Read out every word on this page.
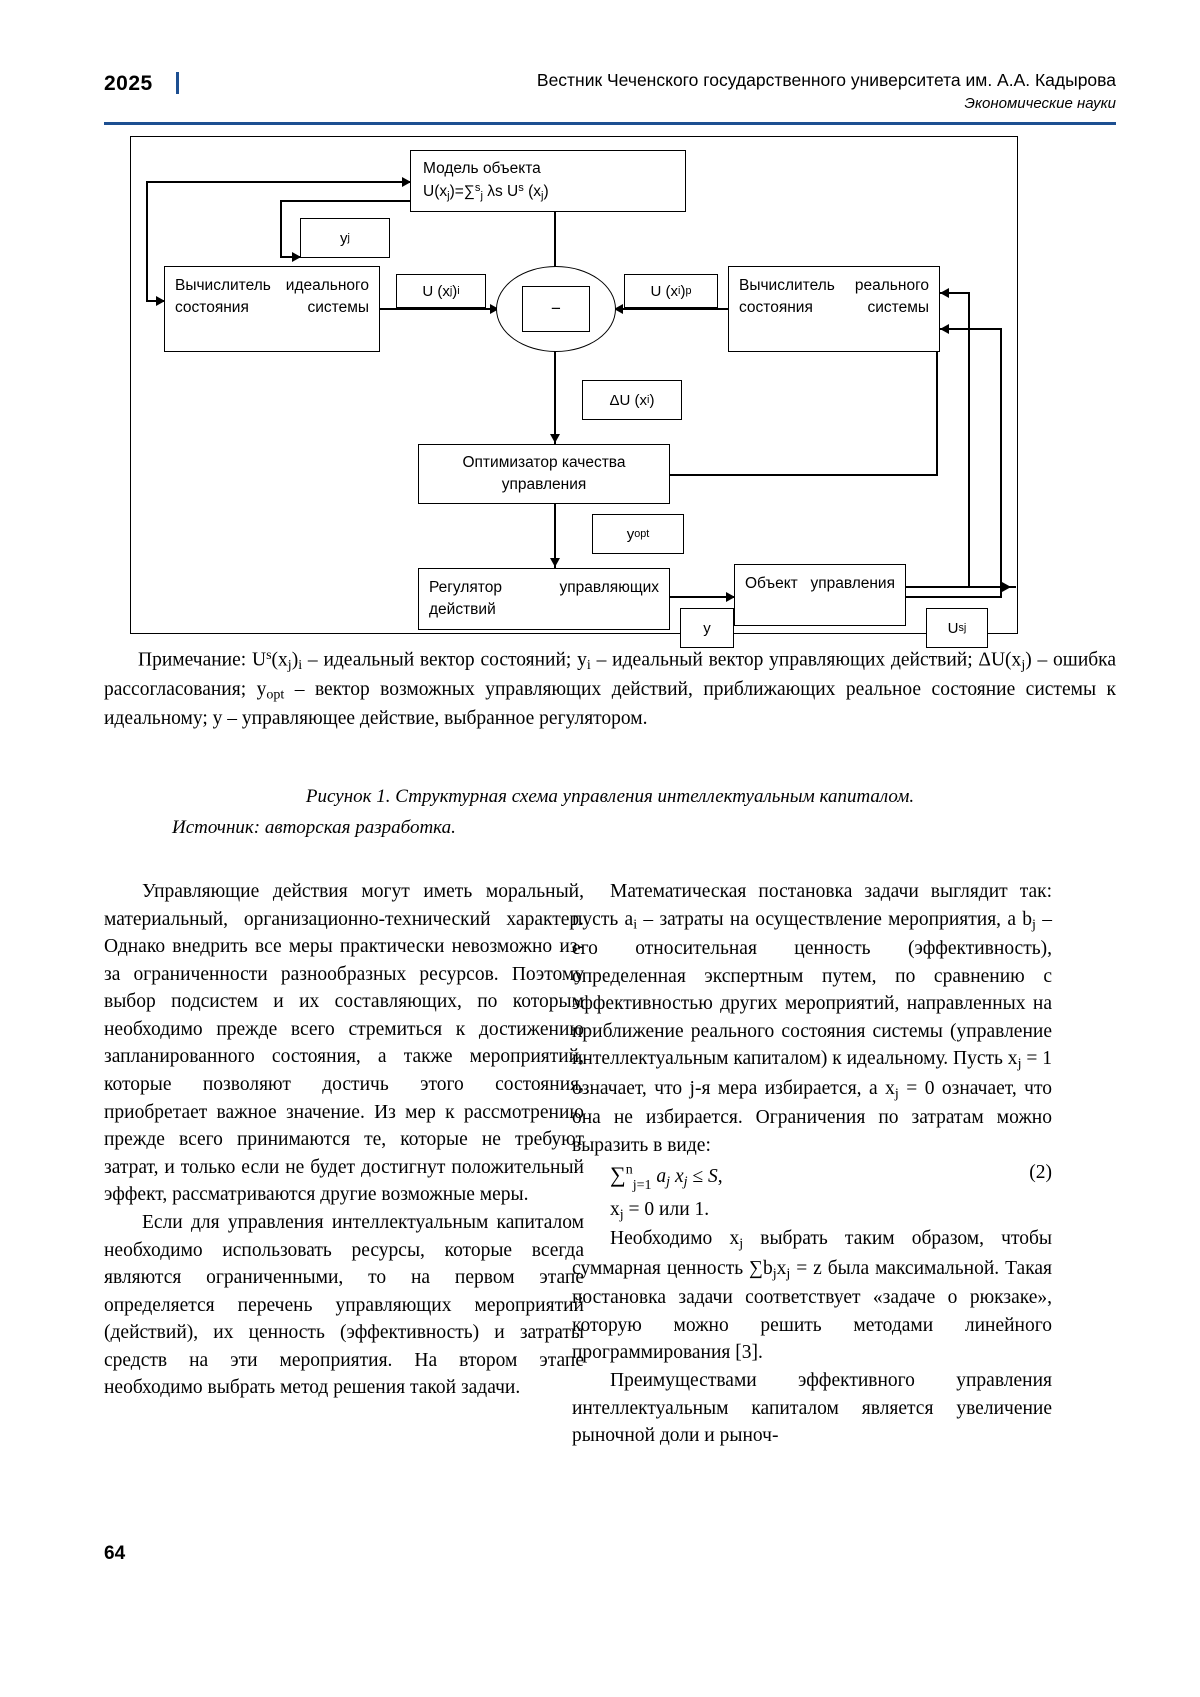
2025	Вестник Чеченского государственного университета им. А.А. Кадырова
Экономические науки
Модель объекта
$U(x_j)=\sum^s_j$ λs $U^s$ $(x_j)$
y j
Вычислитель идеального состояния системы
U (x j ) i
−
U (x i ) р	Вычислитель реального состояния системы
ΔU (x i )
Оптимизатор качества
управления
y opt
Регулятор управляющих действий
Объект управления
y	U s j
Примечание: $U^s(x_j)_i$ – идеальный вектор состояний; $y_i$ – идеальный вектор управляющих действий; $\Delta U(x_j)$ – ошибка рассогласования; $y_{opt}$ – вектор возможных управляющих действий, приближающих реальное состояние системы к идеальному; y – управляющее действие, выбранное регулятором.
Рисунок 1. Структурная схема управления интеллектуальным капиталом.
Источник: авторская разработка.

Управляющие действия могут иметь моральный, материальный, организационно-технический характер. Однако внедрить все меры практически невозможно из-за ограниченности разнообразных ресурсов. Поэтому выбор подсистем и их составляющих, по которым необходимо прежде всего стремиться к достижению запланированного состояния, а также мероприятий, которые позволяют достичь этого состояния, приобретает важное значение. Из мер к рассмотрению прежде всего принимаются те, которые не требуют затрат, и только если не будет достигнут положительный эффект, рассматриваются другие возможные меры.

Если для управления интеллектуальным капиталом необходимо использовать ресурсы, которые всегда являются ограниченными, то на первом этапе определяется перечень управляющих мероприятий (действий), их ценность (эффективность) и затраты средств на эти мероприятия. На втором этапе необходимо выбрать метод решения такой задачи.

Математическая постановка задачи выглядит так: пусть $a_i$ – затраты на осуществление мероприятия, а $b_j$ – его относительная ценность (эффективность), определенная экспертным путем, по сравнению с эффективностью других мероприятий, направленных на приближение реального состояния системы (управление интеллектуальным капиталом) к идеальному. Пусть $x_j = 1$ означает, что j-я мера избирается, а $x_j = 0$ означает, что она не избирается. Ограничения по затратам можно выразить в виде:

∑$^n_{j=1}$ $a_j$ $x_j \le S$,	(2)

$x_j = 0$ или 1.

Необходимо $x_j$ выбрать таким образом, чтобы суммарная ценность $\sum b_jx_j = z$ была максимальной. Такая постановка задачи соответствует «задаче о рюкзаке», которую можно решить методами линейного программирования [3].

Преимуществами эффективного управления интеллектуальным капиталом является увеличение рыночной доли и рыноч-

64
